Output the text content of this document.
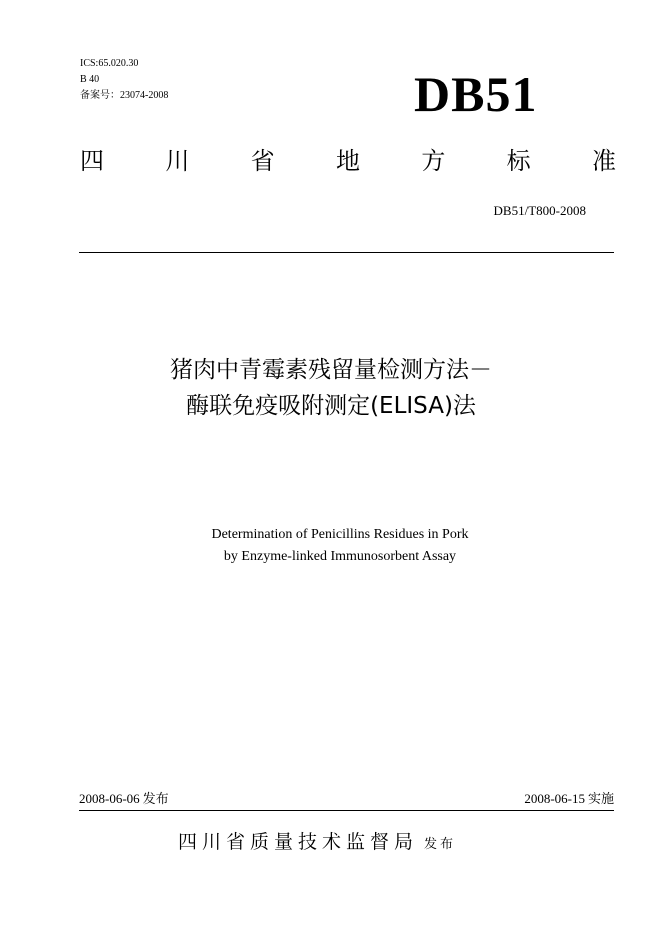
ICS:65.020.30
B 40
备案号：23074-2008	DB51
四	川	省	地	方	标	准
DB51/T800-2008
猪肉中青霉素残留量检测方法－
酶联免疫吸附测定(ELISA)法
Determination of Penicillins Residues in Pork
by Enzyme-linked Immunosorbent Assay
2008-06-06 发布	2008-06-15 实施
四川省质量技术监督局 发布
